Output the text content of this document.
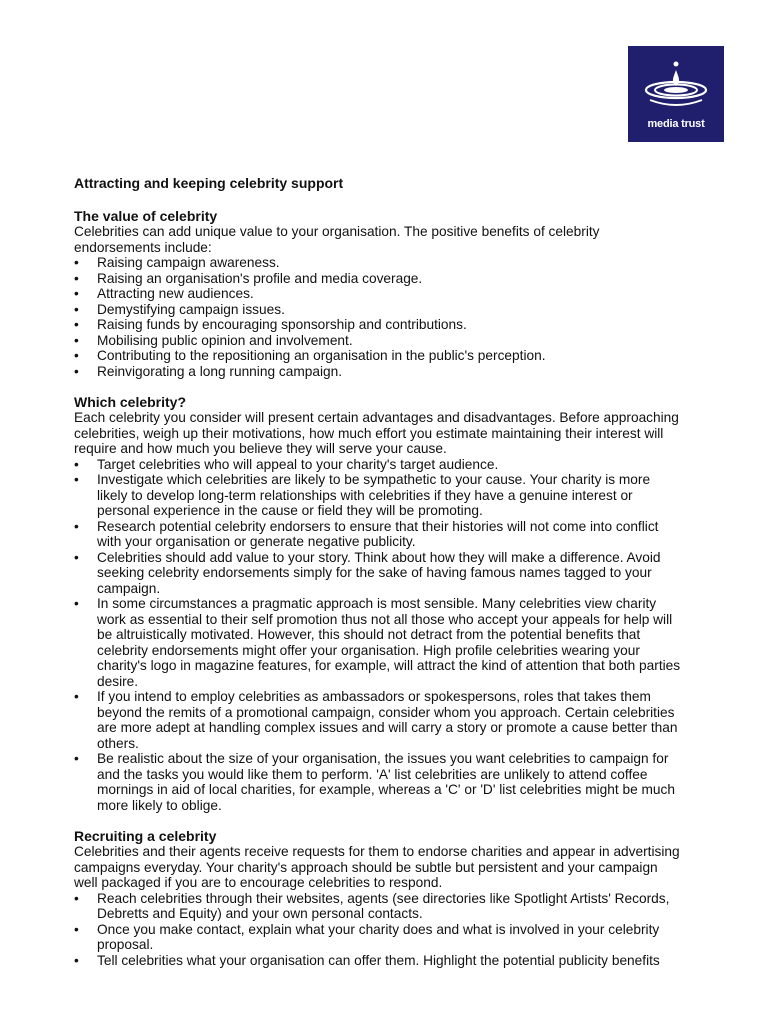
media trust
Attracting and keeping celebrity support
The value of celebrity

Celebrities can add unique value to your organisation. The positive benefits of celebrity endorsements include:

• Raising campaign awareness.
• Raising an organisation's profile and media coverage.
• Attracting new audiences.
• Demystifying campaign issues.
• Raising funds by encouraging sponsorship and contributions.
• Mobilising public opinion and involvement.
• Contributing to the repositioning an organisation in the public's perception.
• Reinvigorating a long running campaign.
Which celebrity?

Each celebrity you consider will present certain advantages and disadvantages. Before approaching celebrities, weigh up their motivations, how much effort you estimate maintaining their interest will require and how much you believe they will serve your cause.

• Target celebrities who will appeal to your charity's target audience.
• Investigate which celebrities are likely to be sympathetic to your cause. Your charity is more likely to develop long-term relationships with celebrities if they have a genuine interest or personal experience in the cause or field they will be promoting.
• Research potential celebrity endorsers to ensure that their histories will not come into conflict with your organisation or generate negative publicity.
• Celebrities should add value to your story. Think about how they will make a difference. Avoid seeking celebrity endorsements simply for the sake of having famous names tagged to your campaign.
• In some circumstances a pragmatic approach is most sensible. Many celebrities view charity work as essential to their self promotion thus not all those who accept your appeals for help will be altruistically motivated. However, this should not detract from the potential benefits that celebrity endorsements might offer your organisation. High profile celebrities wearing your charity's logo in magazine features, for example, will attract the kind of attention that both parties desire.
• If you intend to employ celebrities as ambassadors or spokespersons, roles that takes them beyond the remits of a promotional campaign, consider whom you approach. Certain celebrities are more adept at handling complex issues and will carry a story or promote a cause better than others.
• Be realistic about the size of your organisation, the issues you want celebrities to campaign for and the tasks you would like them to perform. 'A' list celebrities are unlikely to attend coffee mornings in aid of local charities, for example, whereas a 'C' or 'D' list celebrities might be much more likely to oblige.
Recruiting a celebrity

Celebrities and their agents receive requests for them to endorse charities and appear in advertising campaigns everyday. Your charity's approach should be subtle but persistent and your campaign well packaged if you are to encourage celebrities to respond.

• Reach celebrities through their websites, agents (see directories like Spotlight Artists' Records, Debretts and Equity) and your own personal contacts.
• Once you make contact, explain what your charity does and what is involved in your celebrity proposal.
• Tell celebrities what your organisation can offer them. Highlight the potential publicity benefits
